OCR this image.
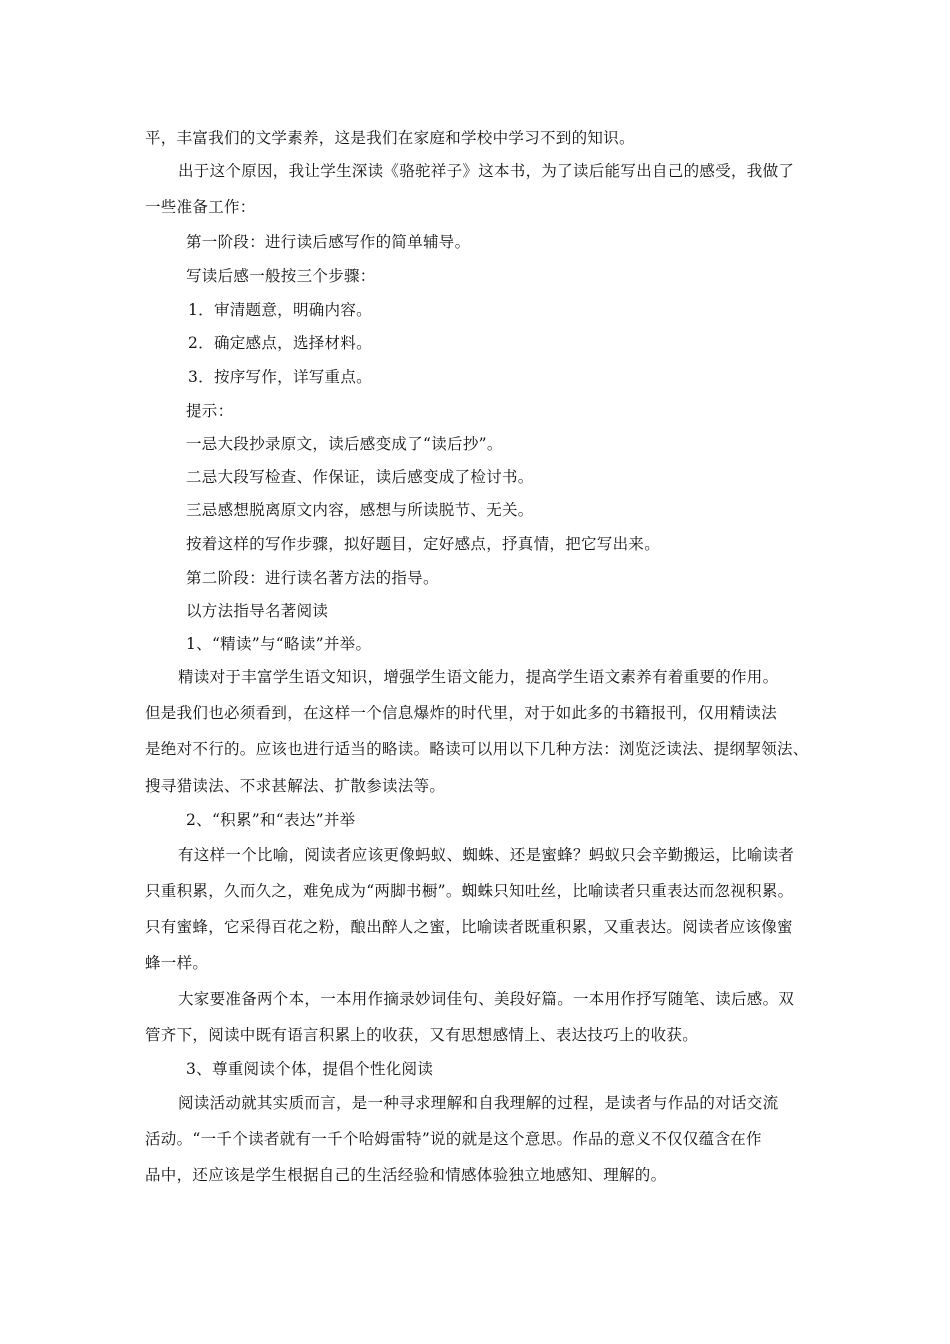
平，丰富我们的文学素养，这是我们在家庭和学校中学习不到的知识。
出于这个原因，我让学生深读《骆驼祥子》这本书，为了读后能写出自己的感受，我做了
一些准备工作：
第一阶段：进行读后感写作的简单辅导。
写读后感一般按三个步骤：
1．审清题意，明确内容。
2．确定感点，选择材料。
3．按序写作，详写重点。
提示：
一忌大段抄录原文，读后感变成了“读后抄”。
二忌大段写检查、作保证，读后感变成了检讨书。
三忌感想脱离原文内容，感想与所读脱节、无关。
按着这样的写作步骤，拟好题目，定好感点，抒真情，把它写出来。
第二阶段：进行读名著方法的指导。
以方法指导名著阅读
1、“精读”与“略读”并举。
精读对于丰富学生语文知识，增强学生语文能力，提高学生语文素养有着重要的作用。
但是我们也必须看到，在这样一个信息爆炸的时代里，对于如此多的书籍报刊，仅用精读法
是绝对不行的。应该也进行适当的略读。略读可以用以下几种方法：浏览泛读法、提纲挈领法、
搜寻猎读法、不求甚解法、扩散参读法等。
2、“积累”和“表达”并举
有这样一个比喻，阅读者应该更像蚂蚁、蜘蛛、还是蜜蜂？蚂蚁只会辛勤搬运，比喻读者
只重积累，久而久之，难免成为“两脚书橱”。蜘蛛只知吐丝，比喻读者只重表达而忽视积累。
只有蜜蜂，它采得百花之粉，酿出醉人之蜜，比喻读者既重积累，又重表达。阅读者应该像蜜
蜂一样。
大家要准备两个本，一本用作摘录妙词佳句、美段好篇。一本用作抒写随笔、读后感。双
管齐下，阅读中既有语言积累上的收获，又有思想感情上、表达技巧上的收获。
3、尊重阅读个体，提倡个性化阅读
阅读活动就其实质而言，是一种寻求理解和自我理解的过程，是读者与作品的对话交流
活动。“一千个读者就有一千个哈姆雷特”说的就是这个意思。作品的意义不仅仅蕴含在作
品中，还应该是学生根据自己的生活经验和情感体验独立地感知、理解的。
